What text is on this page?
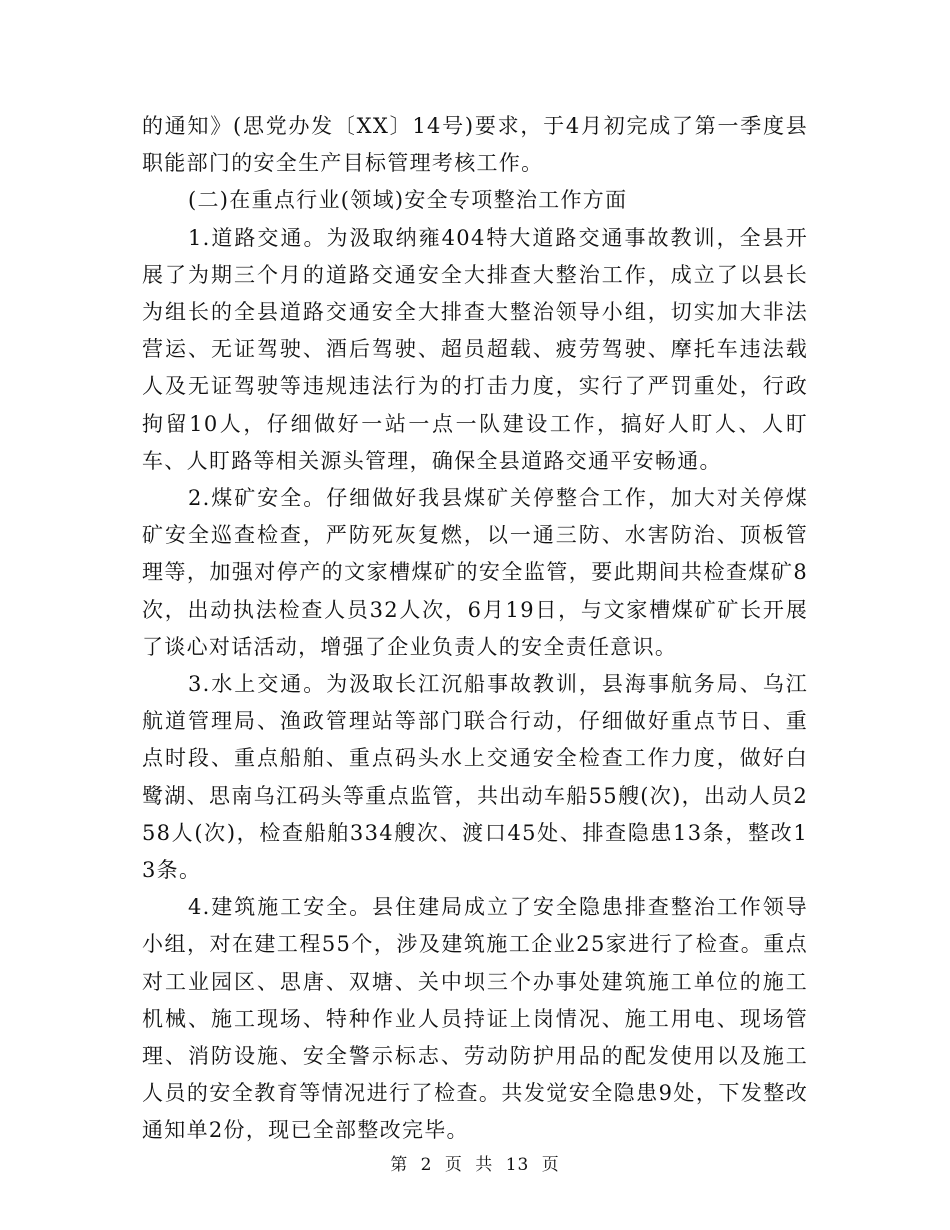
的通知》(思党办发〔XX〕14号)要求，于4月初完成了第一季度县职能部门的安全生产目标管理考核工作。

(二)在重点行业(领域)安全专项整治工作方面

1.道路交通。为汲取纳雍404特大道路交通事故教训，全县开展了为期三个月的道路交通安全大排查大整治工作，成立了以县长为组长的全县道路交通安全大排查大整治领导小组，切实加大非法营运、无证驾驶、酒后驾驶、超员超载、疲劳驾驶、摩托车违法载人及无证驾驶等违规违法行为的打击力度，实行了严罚重处，行政拘留10人，仔细做好一站一点一队建设工作，搞好人盯人、人盯车、人盯路等相关源头管理，确保全县道路交通平安畅通。

2.煤矿安全。仔细做好我县煤矿关停整合工作，加大对关停煤矿安全巡查检查，严防死灰复燃，以一通三防、水害防治、顶板管理等，加强对停产的文家槽煤矿的安全监管，要此期间共检查煤矿8次，出动执法检查人员32人次，6月19日，与文家槽煤矿矿长开展了谈心对话活动，增强了企业负责人的安全责任意识。

3.水上交通。为汲取长江沉船事故教训，县海事航务局、乌江航道管理局、渔政管理站等部门联合行动，仔细做好重点节日、重点时段、重点船舶、重点码头水上交通安全检查工作力度，做好白鹭湖、思南乌江码头等重点监管，共出动车船55艘(次)，出动人员258人(次)，检查船舶334艘次、渡口45处、排查隐患13条，整改13条。

4.建筑施工安全。县住建局成立了安全隐患排查整治工作领导小组，对在建工程55个，涉及建筑施工企业25家进行了检查。重点对工业园区、思唐、双塘、关中坝三个办事处建筑施工单位的施工机械、施工现场、特种作业人员持证上岗情况、施工用电、现场管理、消防设施、安全警示标志、劳动防护用品的配发使用以及施工人员的安全教育等情况进行了检查。共发觉安全隐患9处，下发整改通知单2份，现已全部整改完毕。

第 2 页 共 13 页
